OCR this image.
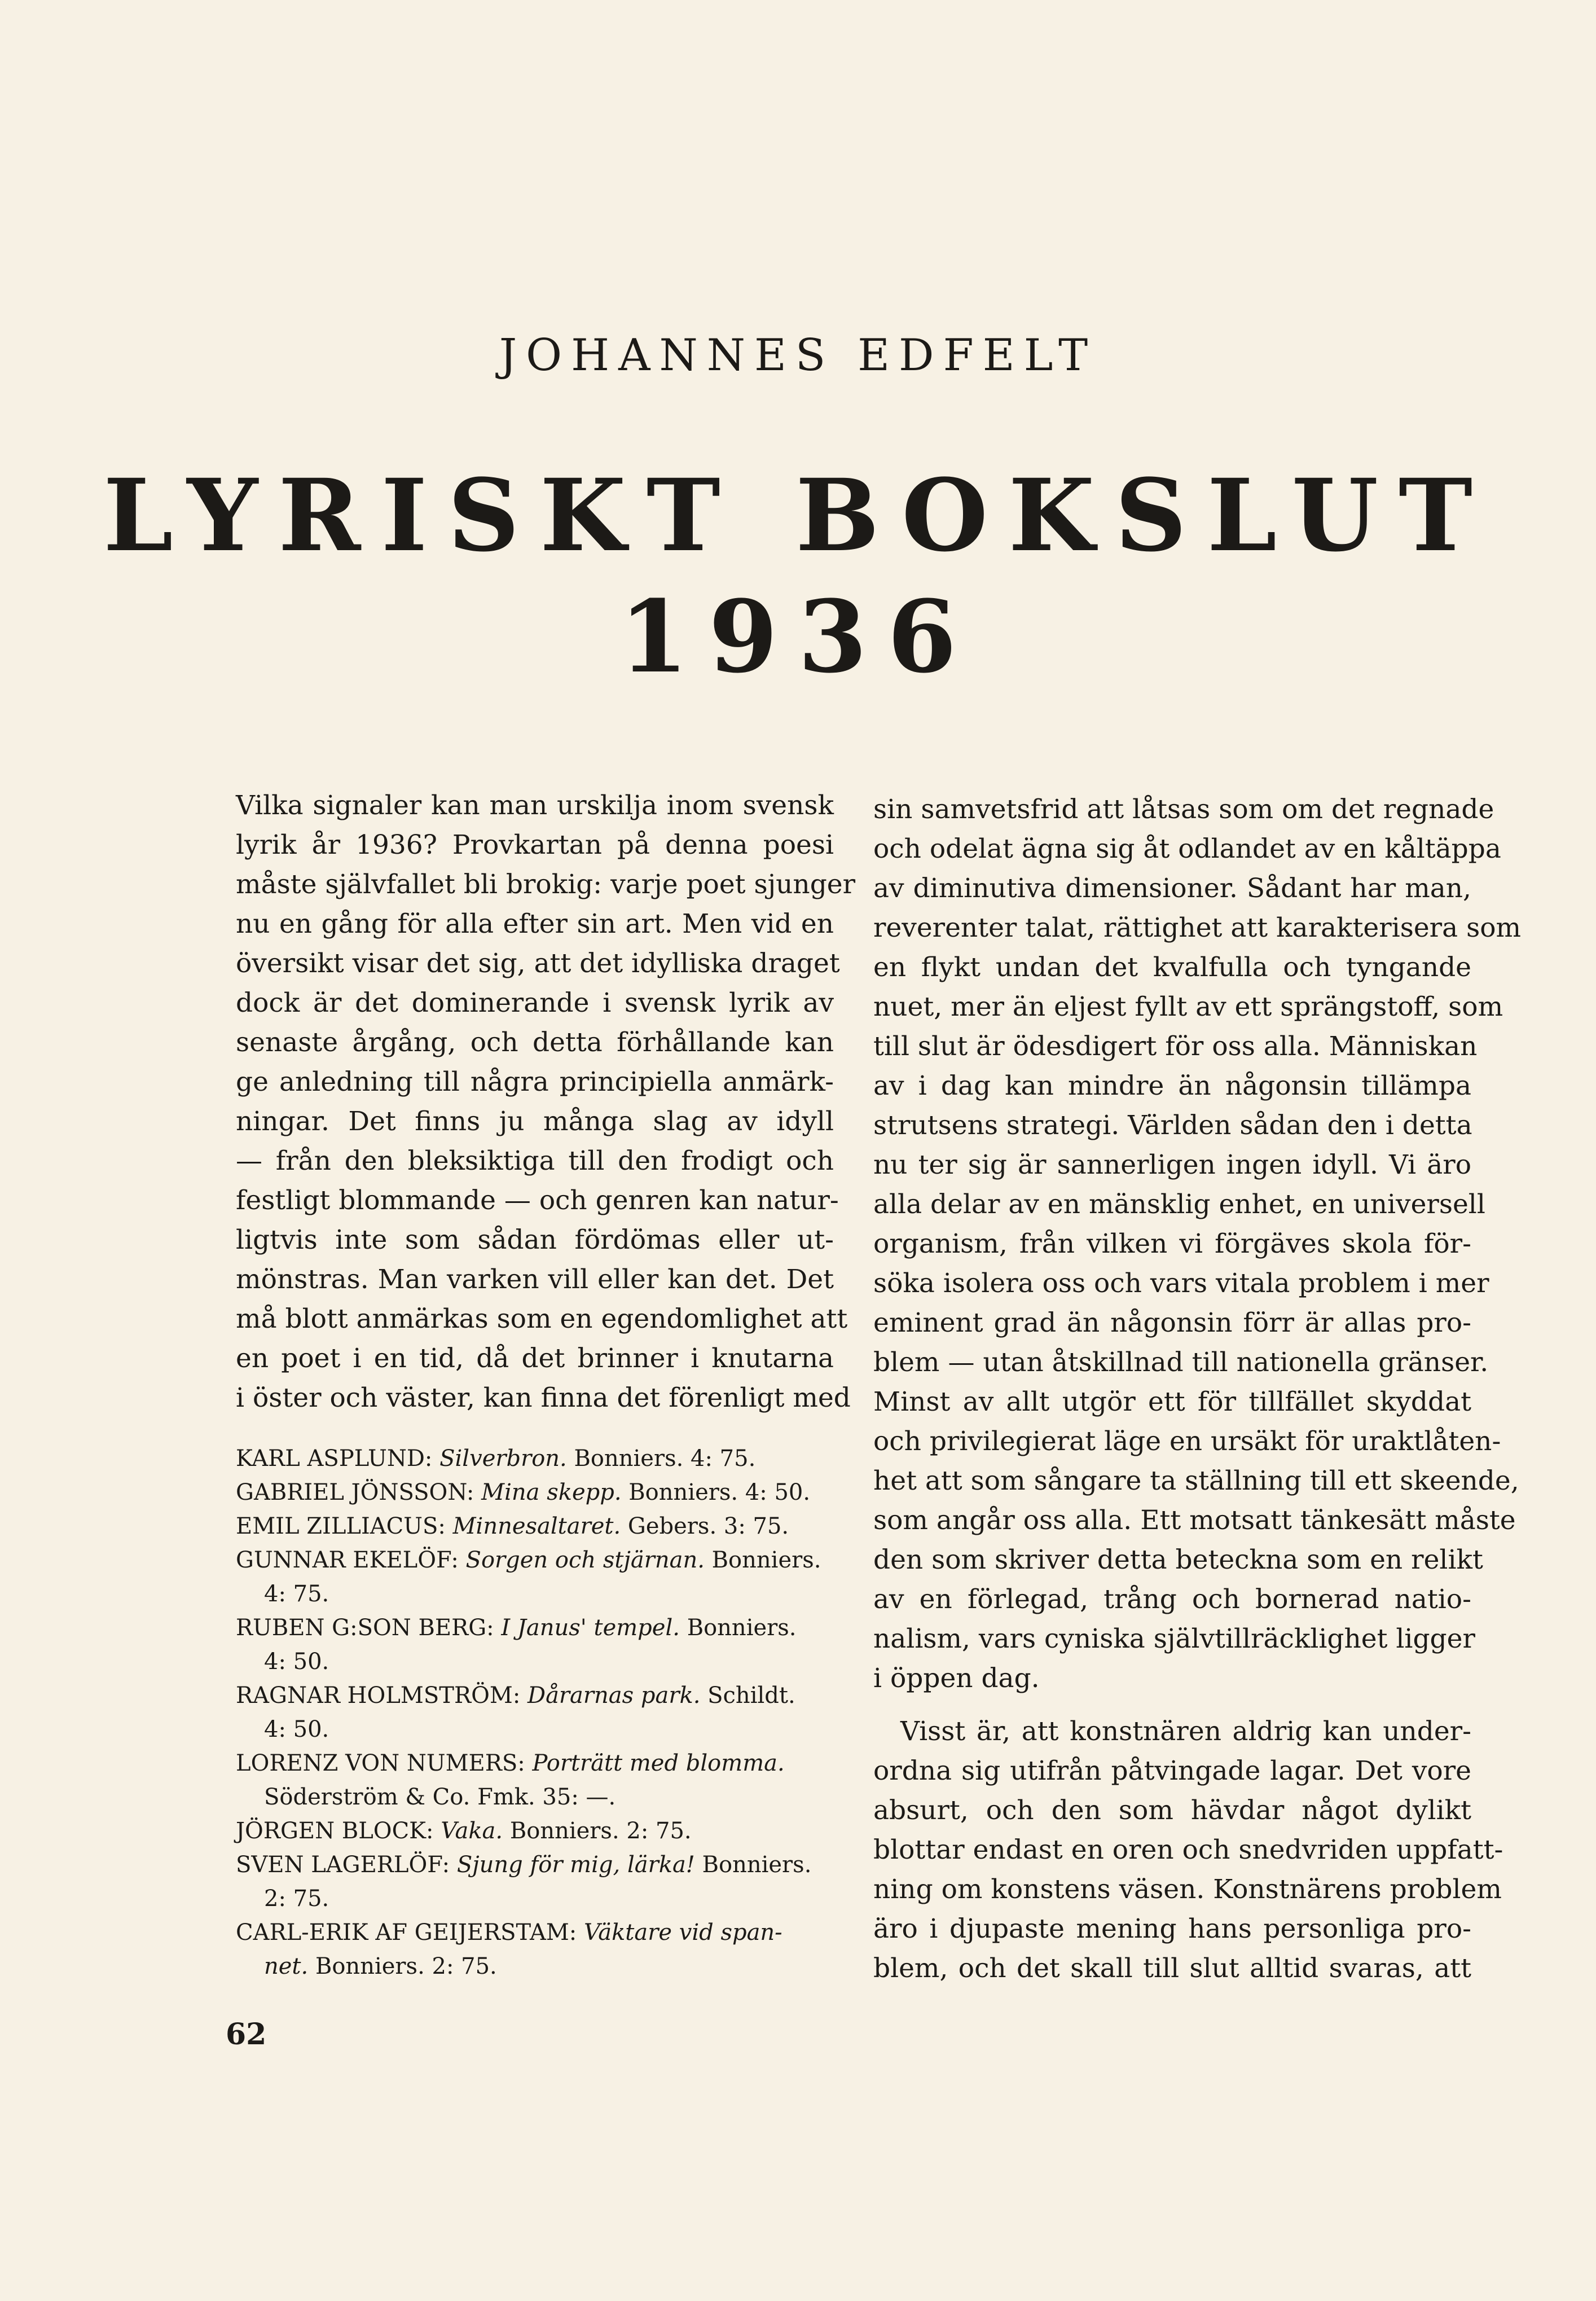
JOHANNES EDFELT
LYRISKT BOKSLUT
1936
Vilka signaler kan man urskilja inom svensk
lyrik år 1936? Provkartan på denna poesi
måste självfallet bli brokig: varje poet sjunger
nu en gång för alla efter sin art. Men vid en
översikt visar det sig, att det idylliska draget
dock är det dominerande i svensk lyrik av
senaste årgång, och detta förhållande kan
ge anledning till några principiella anmärk-
ningar. Det finns ju många slag av idyll
— från den bleksiktiga till den frodigt och
festligt blommande — och genren kan natur-
ligtvis inte som sådan fördömas eller ut-
mönstras. Man varken vill eller kan det. Det
må blott anmärkas som en egendomlighet att
en poet i en tid, då det brinner i knutarna
i öster och väster, kan finna det förenligt med
KARL ASPLUND: Silverbron. Bonniers. 4: 75.
GABRIEL JÖNSSON: Mina skepp. Bonniers. 4: 50.
EMIL ZILLIACUS: Minnesaltaret. Gebers. 3: 75.
GUNNAR EKELÖF: Sorgen och stjärnan. Bonniers.
4: 75.
RUBEN G:SON BERG: I Janus' tempel. Bonniers.
4: 50.
RAGNAR HOLMSTRÖM: Dårarnas park. Schildt.
4: 50.
LORENZ VON NUMERS: Porträtt med blomma.
Söderström & Co. Fmk. 35: —.
JÖRGEN BLOCK: Vaka. Bonniers. 2: 75.
SVEN LAGERLÖF: Sjung för mig, lärka! Bonniers.
2: 75.
CARL-ERIK AF GEIJERSTAM: Väktare vid span-
net. Bonniers. 2: 75.
sin samvetsfrid att låtsas som om det regnade
och odelat ägna sig åt odlandet av en kåltäppa
av diminutiva dimensioner. Sådant har man,
reverenter talat, rättighet att karakterisera som
en flykt undan det kvalfulla och tyngande
nuet, mer än eljest fyllt av ett sprängstoff, som
till slut är ödesdigert för oss alla. Människan
av i dag kan mindre än någonsin tillämpa
strutsens strategi. Världen sådan den i detta
nu ter sig är sannerligen ingen idyll. Vi äro
alla delar av en mänsklig enhet, en universell
organism, från vilken vi förgäves skola för-
söka isolera oss och vars vitala problem i mer
eminent grad än någonsin förr är allas pro-
blem — utan åtskillnad till nationella gränser.
Minst av allt utgör ett för tillfället skyddat
och privilegierat läge en ursäkt för uraktlåten-
het att som sångare ta ställning till ett skeende,
som angår oss alla. Ett motsatt tänkesätt måste
den som skriver detta beteckna som en relikt
av en förlegad, trång och bornerad natio-
nalism, vars cyniska självtillräcklighet ligger
i öppen dag.
Visst är, att konstnären aldrig kan under-
ordna sig utifrån påtvingade lagar. Det vore
absurt, och den som hävdar något dylikt
blottar endast en oren och snedvriden uppfatt-
ning om konstens väsen. Konstnärens problem
äro i djupaste mening hans personliga pro-
blem, och det skall till slut alltid svaras, att
62
